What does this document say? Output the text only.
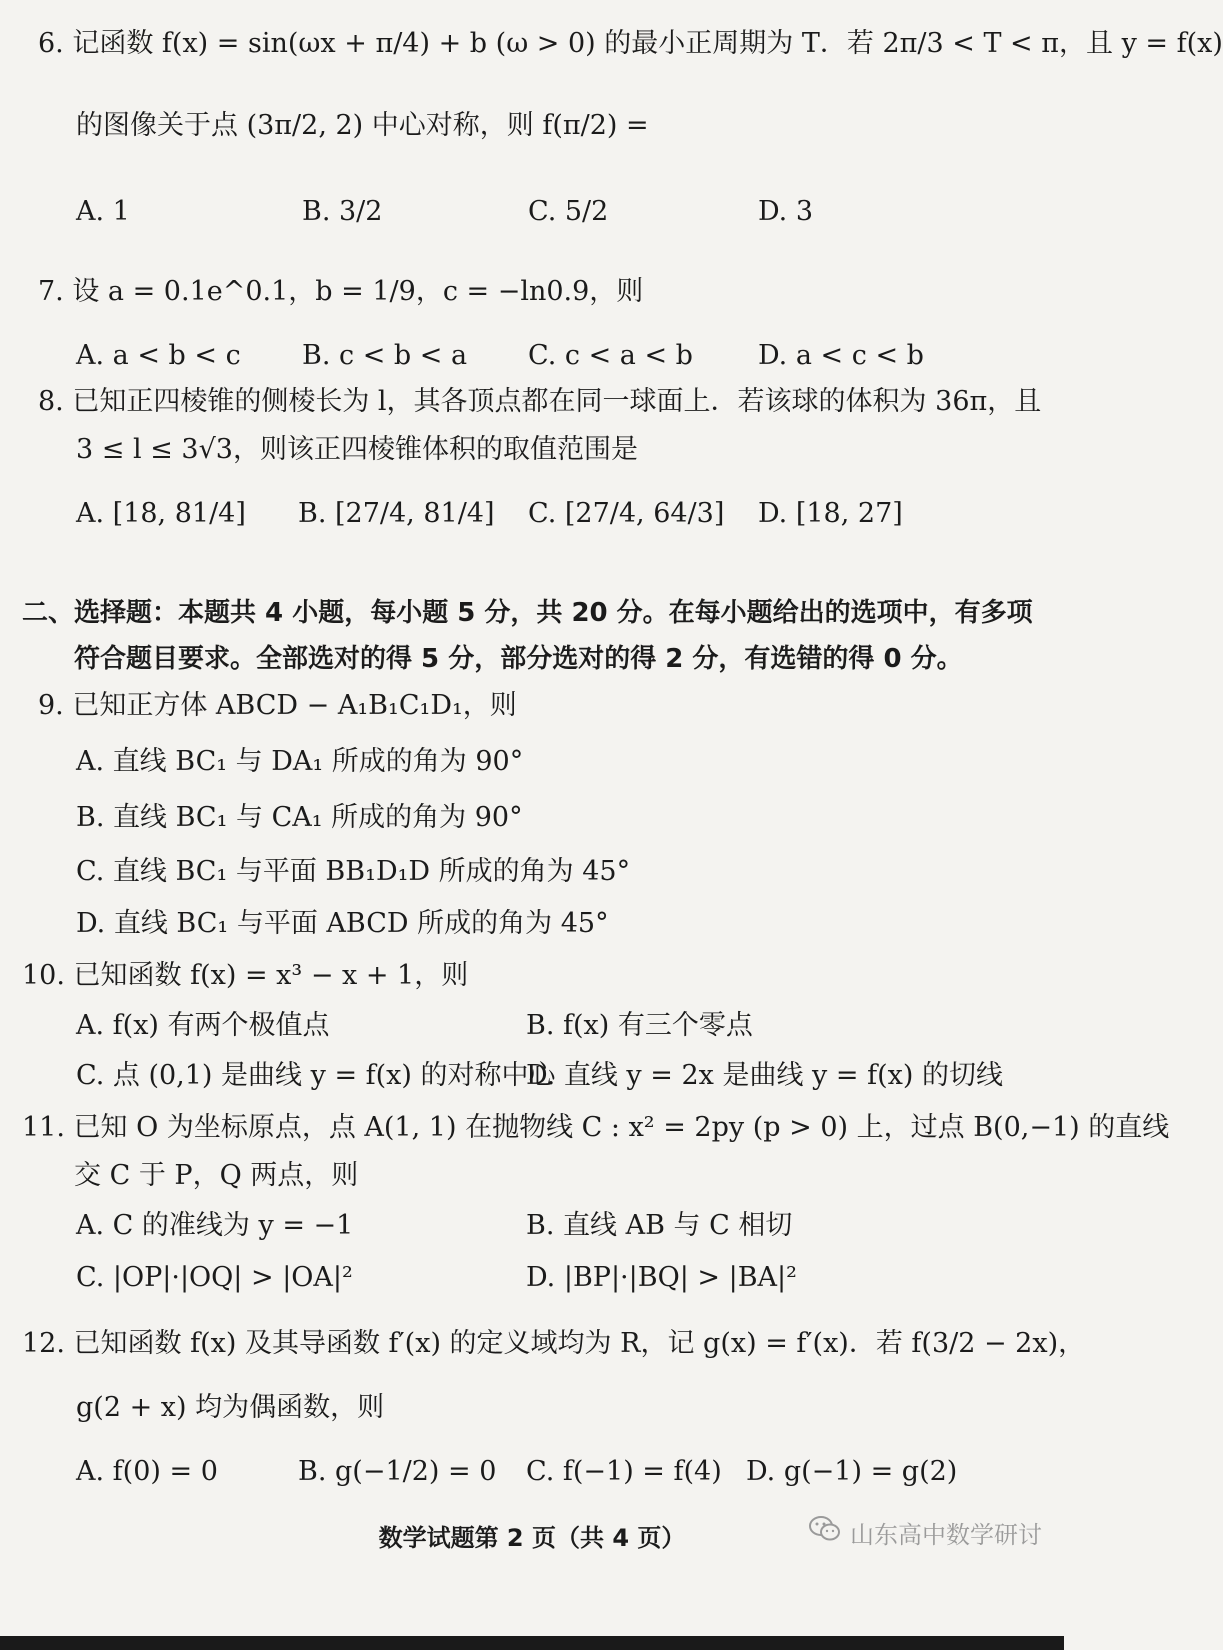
6. 记函数 f(x) = sin(ωx + π/4) + b (ω > 0) 的最小正周期为 T．若 2π/3 < T < π，且 y = f(x)
的图像关于点 (3π/2, 2) 中心对称，则 f(π/2) =
A. 1	B. 3/2	C. 5/2	D. 3
7. 设 a = 0.1e^0.1，b = 1/9，c = −ln0.9，则
A. a < b < c B. c < b < a C. c < a < b D. a < c < b
8. 已知正四棱锥的侧棱长为 l，其各顶点都在同一球面上．若该球的体积为 36π，且
3 ≤ l ≤ 3√3，则该正四棱锥体积的取值范围是
A. [18, 81/4] B. [27/4, 81/4] C. [27/4, 64/3] D. [18, 27]
二、选择题：本题共 4 小题，每小题 5 分，共 20 分。在每小题给出的选项中，有多项
符合题目要求。全部选对的得 5 分，部分选对的得 2 分，有选错的得 0 分。
9. 已知正方体 ABCD − A₁B₁C₁D₁，则
A. 直线 BC₁ 与 DA₁ 所成的角为 90°
B. 直线 BC₁ 与 CA₁ 所成的角为 90°
C. 直线 BC₁ 与平面 BB₁D₁D 所成的角为 45°
D. 直线 BC₁ 与平面 ABCD 所成的角为 45°
10. 已知函数 f(x) = x³ − x + 1，则
A. f(x) 有两个极值点	B. f(x) 有三个零点
C. 点 (0,1) 是曲线 y = f(x) 的对称中心
D. 直线 y = 2x 是曲线 y = f(x) 的切线
11. 已知 O 为坐标原点，点 A(1, 1) 在抛物线 C : x² = 2py (p > 0) 上，过点 B(0,−1) 的直线
交 C 于 P，Q 两点，则
A. C 的准线为 y = −1	B. 直线 AB 与 C 相切
C. |OP|·|OQ| > |OA|²	D. |BP|·|BQ| > |BA|²
12. 已知函数 f(x) 及其导函数 f′(x) 的定义域均为 R，记 g(x) = f′(x)．若 f(3/2 − 2x)，
g(2 + x) 均为偶函数，则
A. f(0) = 0	B. g(−1/2) = 0 C. f(−1) = f(4) D. g(−1) = g(2)
数学试题第 2 页（共 4 页）	山东高中数学研讨
